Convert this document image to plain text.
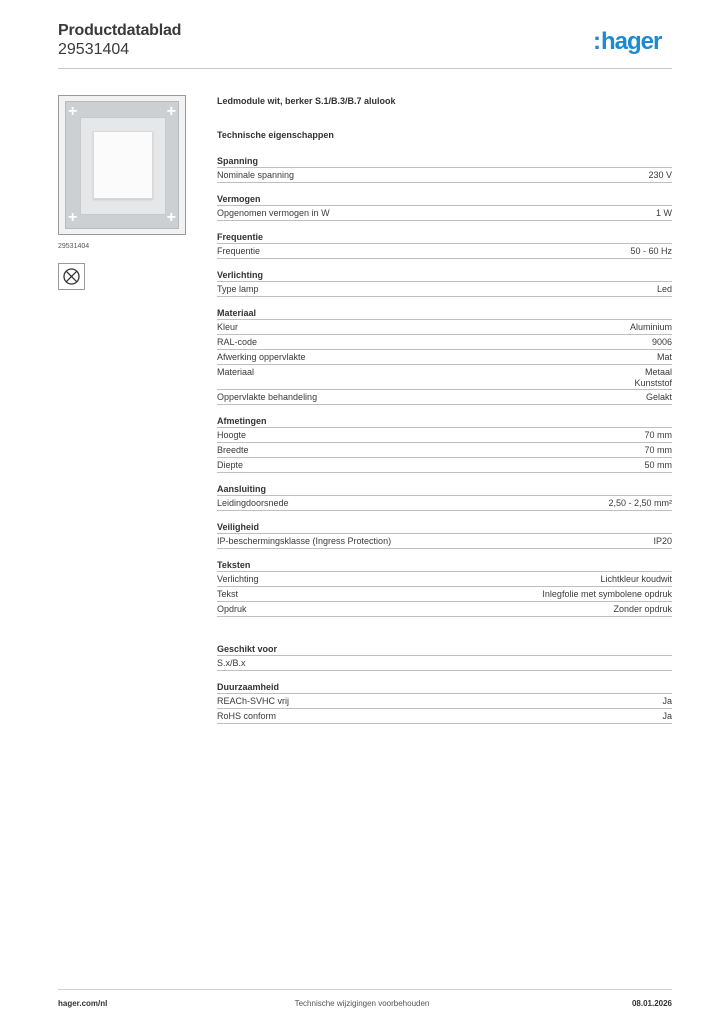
Productdatablad
29531404	:hager
+	+
+	+
29531404
Ledmodule wit, berker S.1/B.3/B.7 alulook
Technische eigenschappen
Spanning
Nominale spanning	230 V
Vermogen
Opgenomen vermogen in W	1 W
Frequentie
Frequentie	50 - 60 Hz
Verlichting
Type lamp	Led
Materiaal
Kleur	Aluminium
RAL-code	9006
Afwerking oppervlakte	Mat
Materiaal	Metaal
Kunststof
Oppervlakte behandeling	Gelakt
Afmetingen
Hoogte	70 mm
Breedte	70 mm
Diepte	50 mm
Aansluiting
Leidingdoorsnede	2,50 - 2,50 mm²
Veiligheid
IP-beschermingsklasse (Ingress Protection)	IP20
Teksten
Verlichting	Lichtkleur koudwit
Tekst	Inlegfolie met symbolene opdruk
Opdruk	Zonder opdruk
Geschikt voor
S.x/B.x
Duurzaamheid
REACh-SVHC vrij	Ja
RoHS conform	Ja
hager.com/nl	Technische wijzigingen voorbehouden	08.01.2026
